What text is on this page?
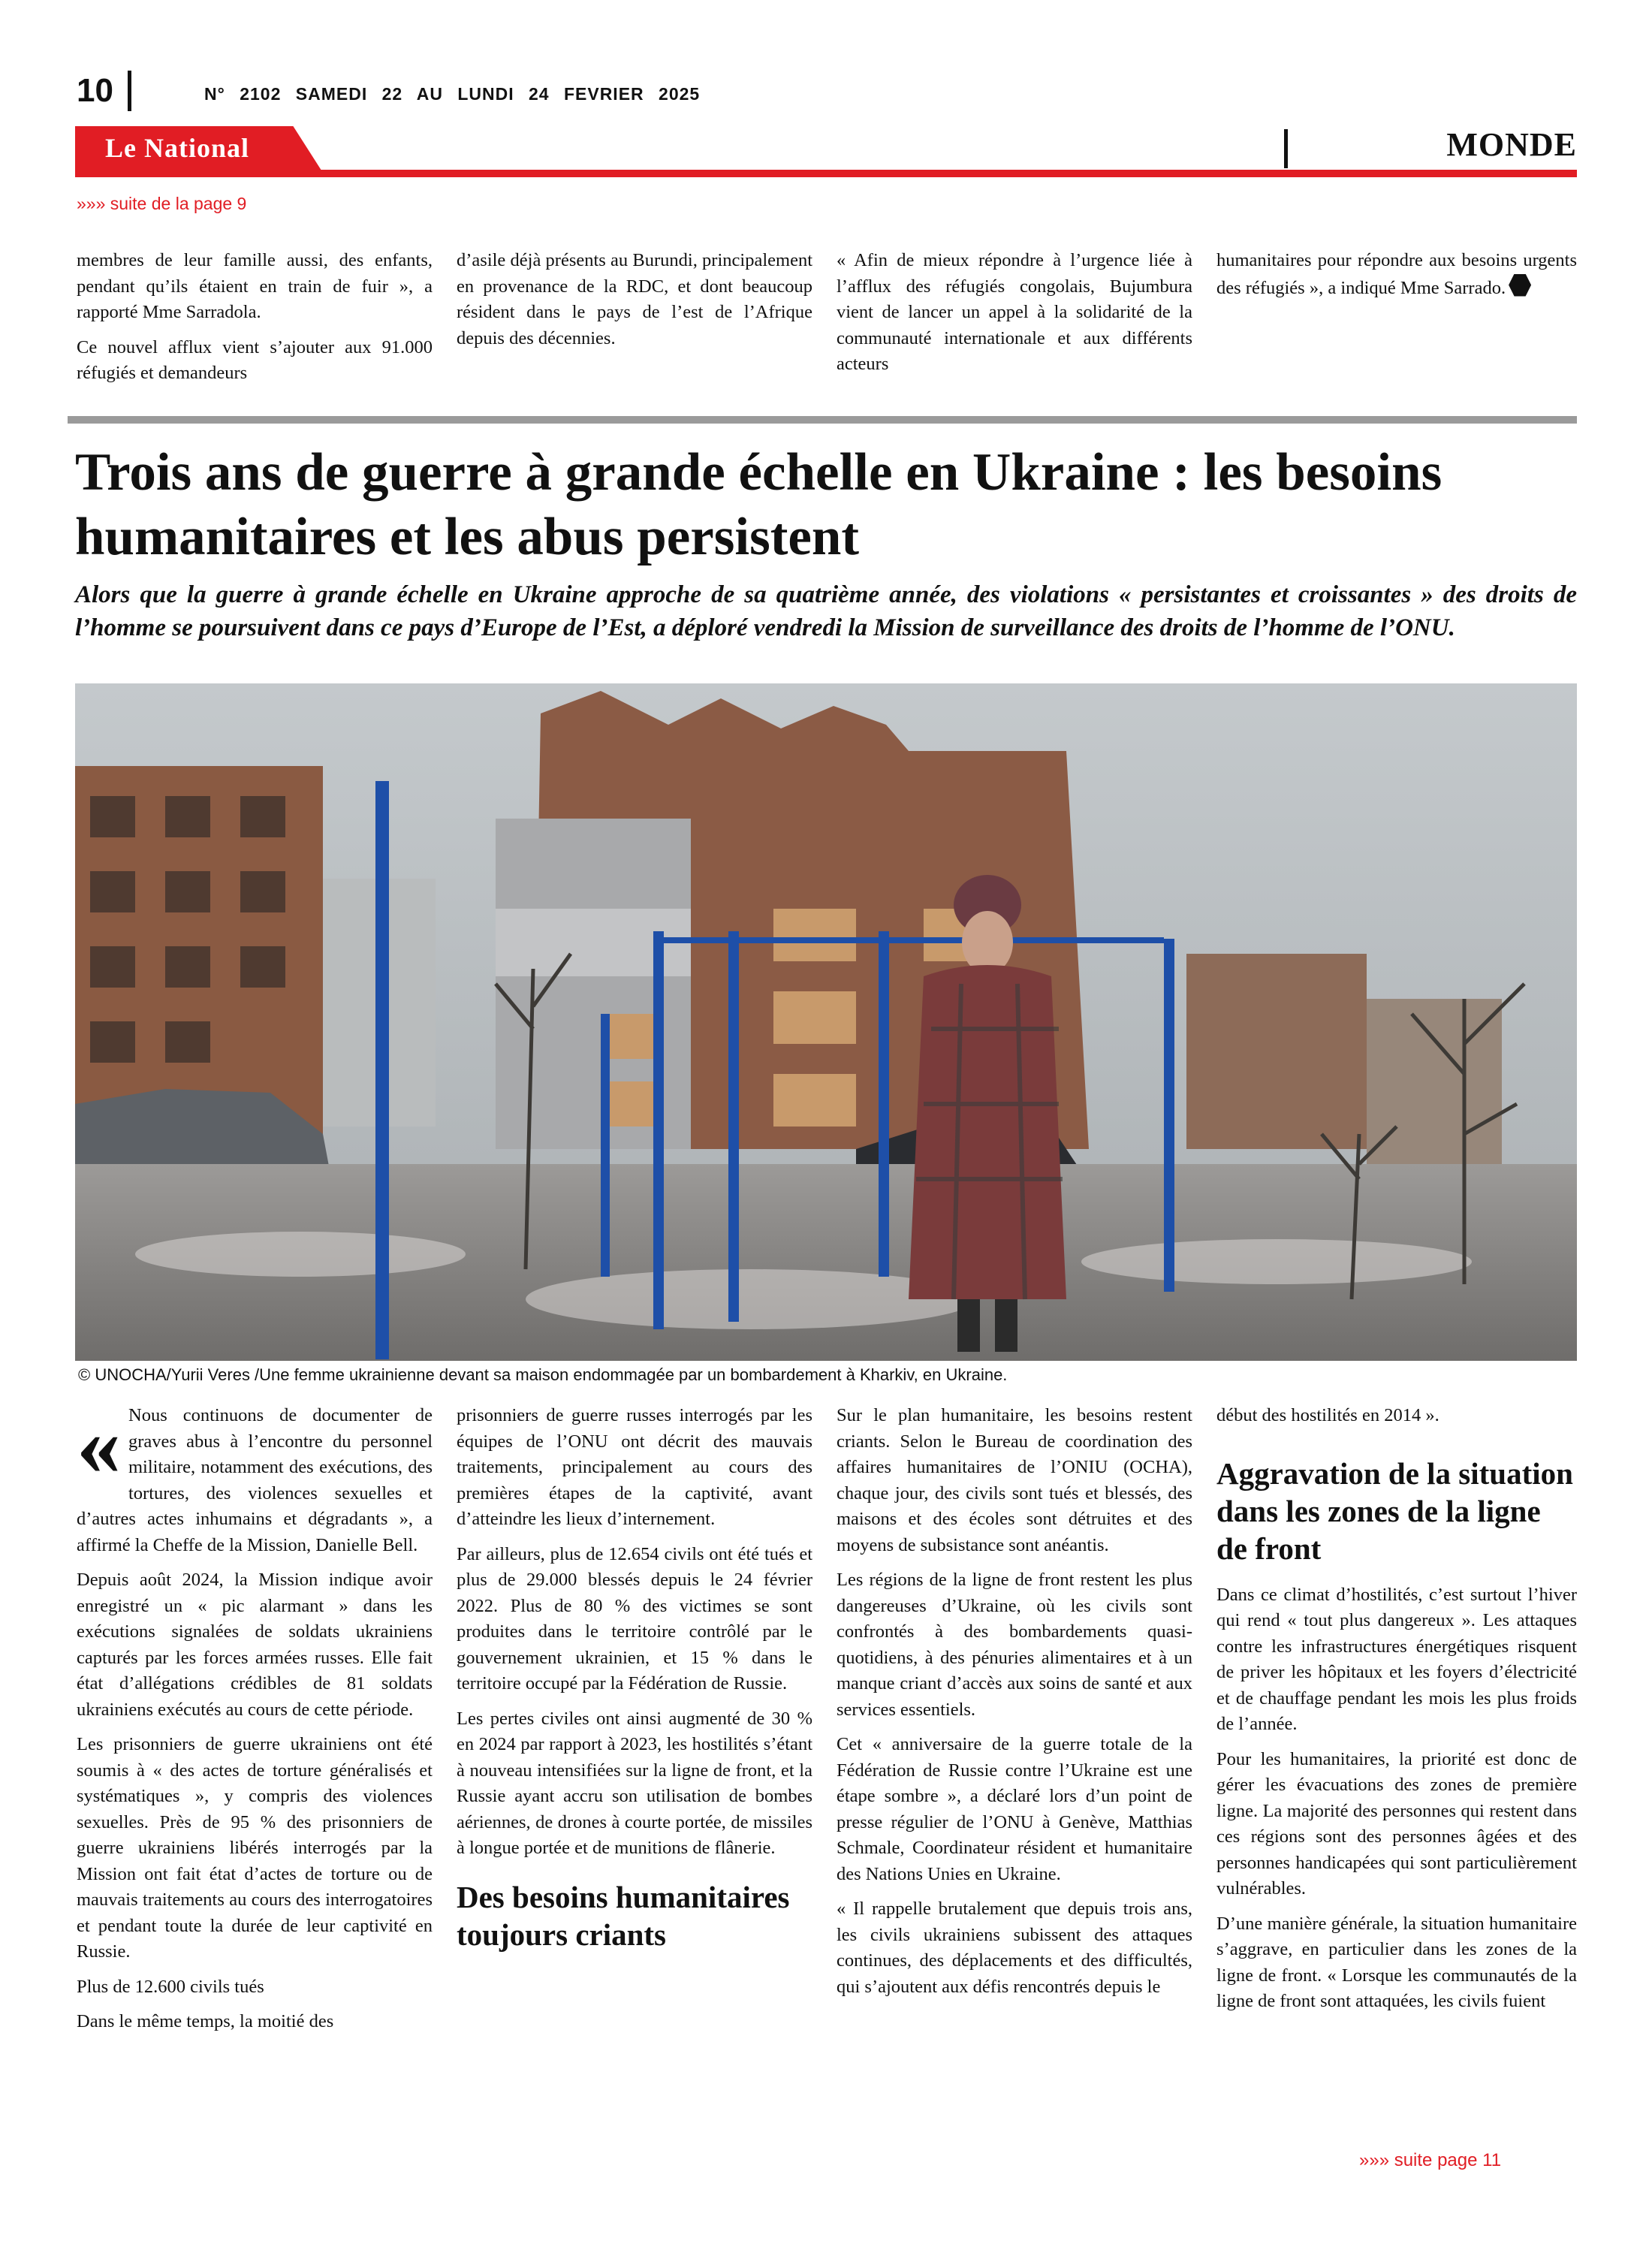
10	N° 2102 SAMEDI 22 AU LUNDI 24 FEVRIER 2025
Le National	MONDE
»»» suite de la page 9

membres de leur famille aussi, des enfants, pendant qu’ils étaient en train de fuir », a rapporté Mme Sarradola.

Ce nouvel afflux vient s’ajouter aux 91.000 réfugiés et demandeurs

d’asile déjà présents au Burundi, principalement en provenance de la RDC, et dont beaucoup résident dans le pays de l’est de l’Afrique depuis des décennies.

« Afin de mieux répondre à l’urgence liée à l’afflux des réfugiés congolais, Bujumbura vient de lancer un appel à la solidarité de la communauté internationale et aux différents acteurs

humanitaires pour répondre aux besoins urgents des réfugiés », a indiqué Mme Sarrado.

Trois ans de guerre à grande échelle en Ukraine : les besoins humanitaires et les abus persistent
Alors que la guerre à grande échelle en Ukraine approche de sa quatrième année, des violations « persistantes et croissantes » des droits de l’homme se poursuivent dans ce pays d’Europe de l’Est, a déploré vendredi la Mission de surveillance des droits de l’homme de l’ONU.
© UNOCHA/Yurii Veres /Une femme ukrainienne devant sa maison endommagée par un bombardement à Kharkiv, en Ukraine.

« Nous continuons de documenter de graves abus à l’encontre du personnel militaire, notamment des exécutions, des tortures, des violences sexuelles et d’autres actes inhumains et dégradants », a affirmé la Cheffe de la Mission, Danielle Bell.

Depuis août 2024, la Mission indique avoir enregistré un « pic alarmant » dans les exécutions signalées de soldats ukrainiens capturés par les forces armées russes. Elle fait état d’allégations crédibles de 81 soldats ukrainiens exécutés au cours de cette période.

Les prisonniers de guerre ukrainiens ont été soumis à « des actes de torture généralisés et systématiques », y compris des violences sexuelles. Près de 95 % des prisonniers de guerre ukrainiens libérés interrogés par la Mission ont fait état d’actes de torture ou de mauvais traitements au cours des interrogatoires et pendant toute la durée de leur captivité en Russie.

Plus de 12.600 civils tués

Dans le même temps, la moitié des

prisonniers de guerre russes interrogés par les équipes de l’ONU ont décrit des mauvais traitements, principalement au cours des premières étapes de la captivité, avant d’atteindre les lieux d’internement.

Par ailleurs, plus de 12.654 civils ont été tués et plus de 29.000 blessés depuis le 24 février 2022. Plus de 80 % des victimes se sont produites dans le territoire contrôlé par le gouvernement ukrainien, et 15 % dans le territoire occupé par la Fédération de Russie.

Les pertes civiles ont ainsi augmenté de 30 % en 2024 par rapport à 2023, les hostilités s’étant à nouveau intensifiées sur la ligne de front, et la Russie ayant accru son utilisation de bombes aériennes, de drones à courte portée, de missiles à longue portée et de munitions de flânerie.

Des besoins humanitaires toujours criants

Sur le plan humanitaire, les besoins restent criants. Selon le Bureau de coordination des affaires humanitaires de l’ONIU (OCHA), chaque jour, des civils sont tués et blessés, des maisons et des écoles sont détruites et des moyens de subsistance sont anéantis.

Les régions de la ligne de front restent les plus dangereuses d’Ukraine, où les civils sont confrontés à des bombardements quasi-quotidiens, à des pénuries alimentaires et à un manque criant d’accès aux soins de santé et aux services essentiels.

Cet « anniversaire de la guerre totale de la Fédération de Russie contre l’Ukraine est une étape sombre », a déclaré lors d’un point de presse régulier de l’ONU à Genève, Matthias Schmale, Coordinateur résident et humanitaire des Nations Unies en Ukraine.

« Il rappelle brutalement que depuis trois ans, les civils ukrainiens subissent des attaques continues, des déplacements et des difficultés, qui s’ajoutent aux défis rencontrés depuis le

début des hostilités en 2014 ».

Aggravation de la situation dans les zones de la ligne de front

Dans ce climat d’hostilités, c’est surtout l’hiver qui rend « tout plus dangereux ». Les attaques contre les infrastructures énergétiques risquent de priver les hôpitaux et les foyers d’électricité et de chauffage pendant les mois les plus froids de l’année.

Pour les humanitaires, la priorité est donc de gérer les évacuations des zones de première ligne. La majorité des personnes qui restent dans ces régions sont des personnes âgées et des personnes handicapées qui sont particulièrement vulnérables.

D’une manière générale, la situation humanitaire s’aggrave, en particulier dans les zones de la ligne de front. « Lorsque les communautés de la ligne de front sont attaquées, les civils fuient

»»» suite page 11
